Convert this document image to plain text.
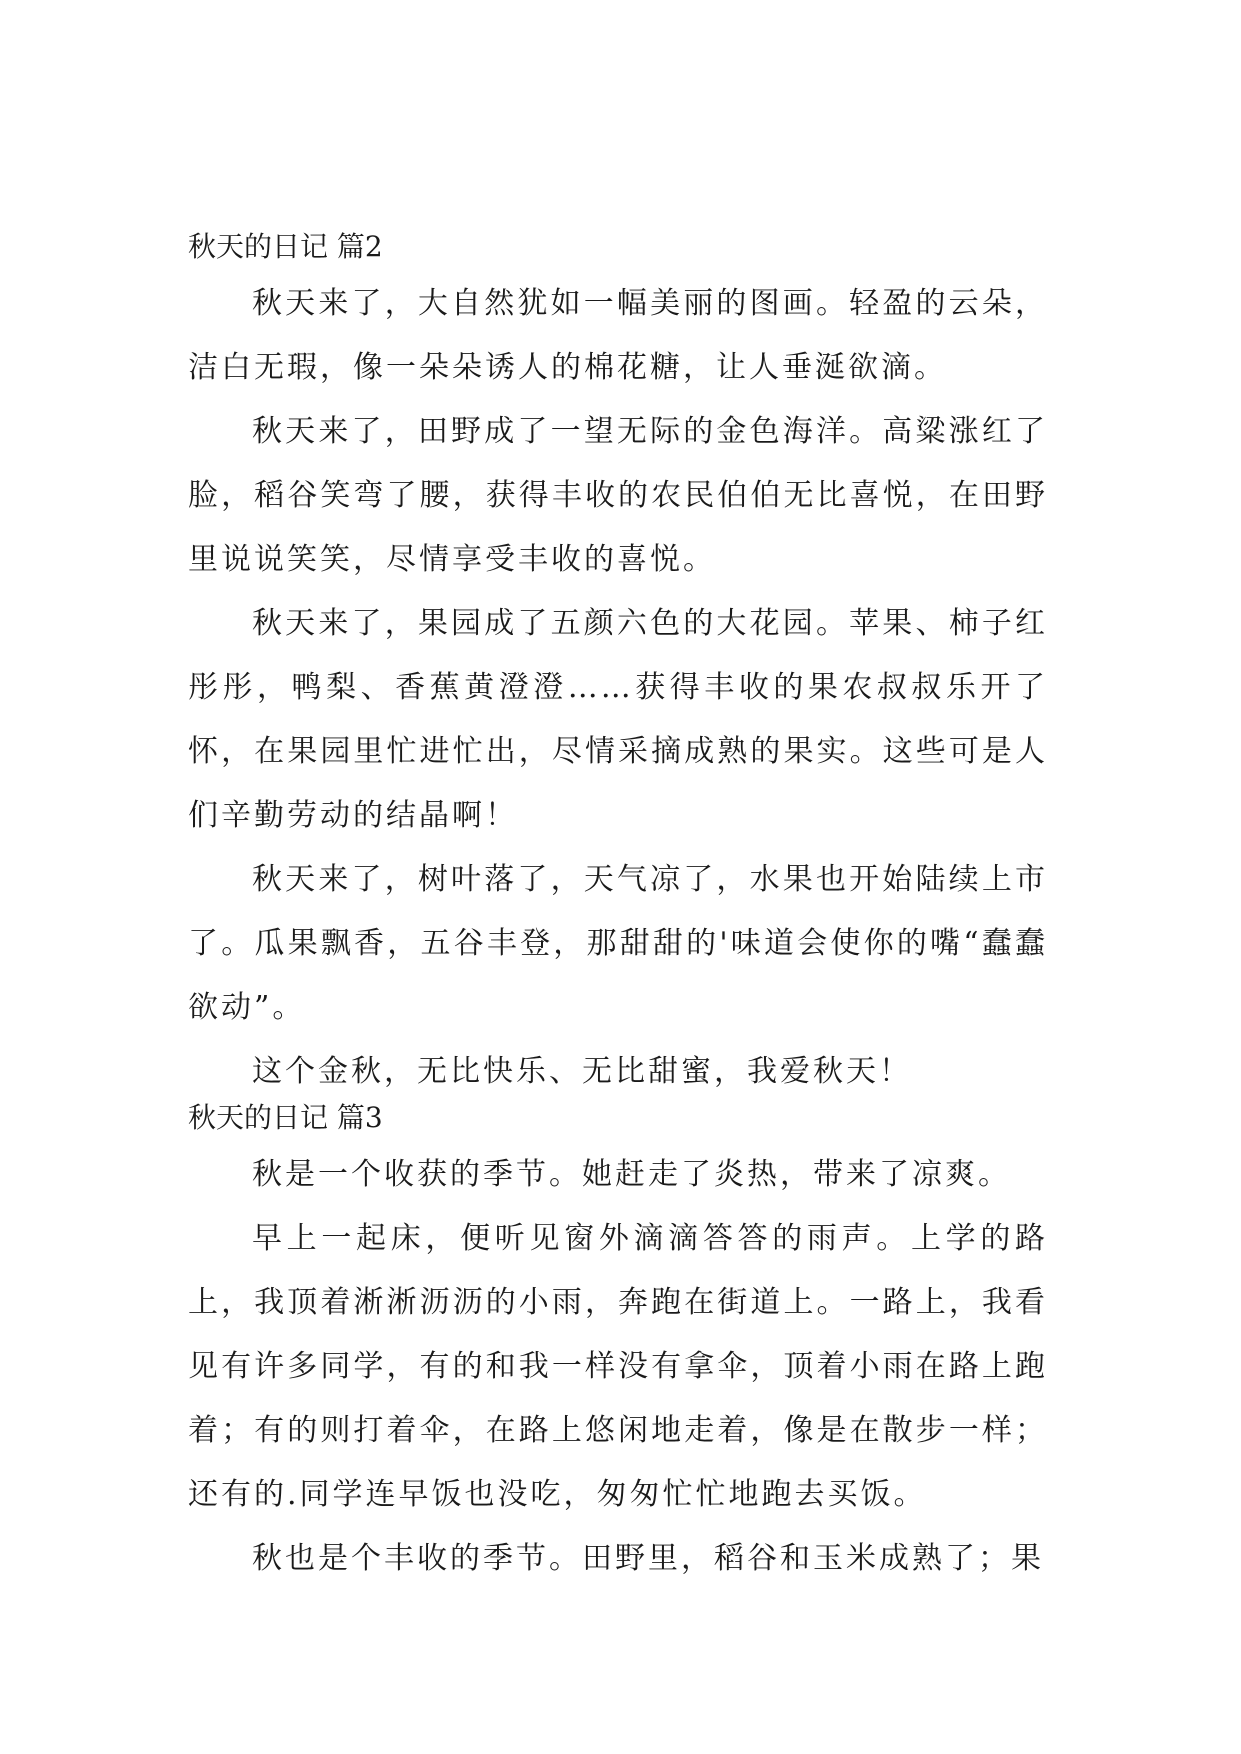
秋天的日记 篇2

秋天来了，大自然犹如一幅美丽的图画。轻盈的云朵，洁白无瑕，像一朵朵诱人的棉花糖，让人垂涎欲滴。

秋天来了，田野成了一望无际的金色海洋。高粱涨红了脸，稻谷笑弯了腰，获得丰收的农民伯伯无比喜悦，在田野里说说笑笑，尽情享受丰收的喜悦。

秋天来了，果园成了五颜六色的大花园。苹果、柿子红彤彤，鸭梨、香蕉黄澄澄……获得丰收的果农叔叔乐开了怀，在果园里忙进忙出，尽情采摘成熟的果实。这些可是人们辛勤劳动的结晶啊！

秋天来了，树叶落了，天气凉了，水果也开始陆续上市了。瓜果飘香，五谷丰登，那甜甜的'味道会使你的嘴“蠢蠢欲动”。

这个金秋，无比快乐、无比甜蜜，我爱秋天！

秋天的日记 篇3

秋是一个收获的季节。她赶走了炎热，带来了凉爽。

早上一起床，便听见窗外滴滴答答的雨声。上学的路上，我顶着淅淅沥沥的小雨，奔跑在街道上。一路上，我看见有许多同学，有的和我一样没有拿伞，顶着小雨在路上跑着；有的则打着伞，在路上悠闲地走着，像是在散步一样；还有的.同学连早饭也没吃，匆匆忙忙地跑去买饭。

秋也是个丰收的季节。田野里，稻谷和玉米成熟了；果
